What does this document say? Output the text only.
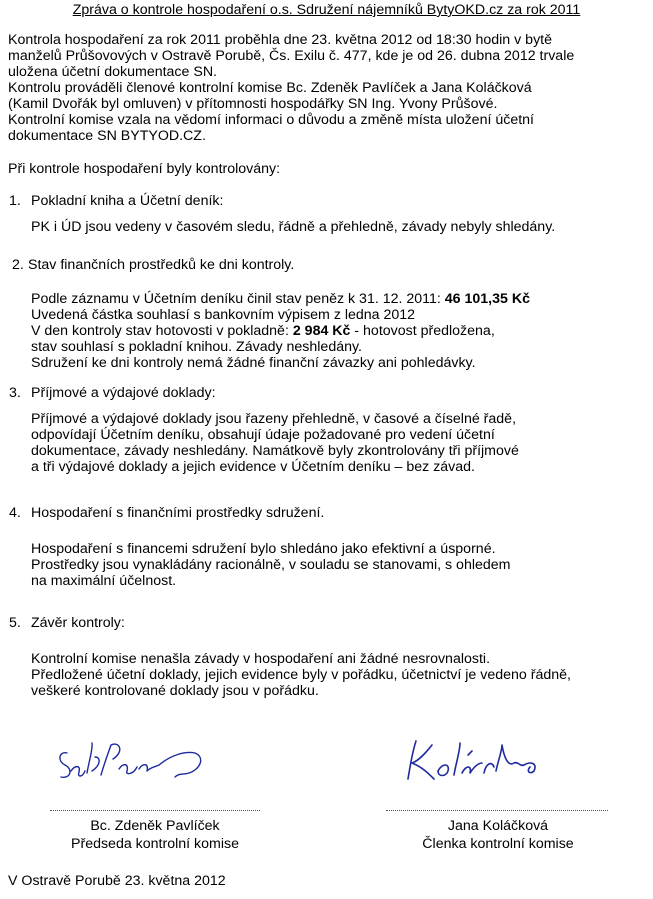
Zpráva o kontrole hospodaření o.s. Sdružení nájemníků BytyOKD.cz za rok 2011
Kontrola hospodaření za rok 2011 proběhla dne 23. května 2012 od 18:30 hodin v bytě
manželů Průšovových v Ostravě Porubě, Čs. Exilu č. 477, kde je od 26. dubna 2012 trvale
uložena účetní dokumentace SN.
Kontrolu prováděli členové kontrolní komise Bc. Zdeněk Pavlíček a Jana Koláčková
(Kamil Dvořák byl omluven) v přítomnosti hospodářky SN Ing. Yvony Průšové.
Kontrolní komise vzala na vědomí informaci o důvodu a změně místa uložení účetní
dokumentace SN BYTYOD.CZ.
Při kontrole hospodaření byly kontrolovány:
1. Pokladní kniha a Účetní deník:
PK i ÚD jsou vedeny v časovém sledu, řádně a přehledně, závady nebyly shledány.
2. Stav finančních prostředků ke dni kontroly.
Podle záznamu v Účetním deníku činil stav peněz k 31. 12. 2011: 46 101,35 Kč
Uvedená částka souhlasí s bankovním výpisem z ledna 2012
V den kontroly stav hotovosti v pokladně: 2 984 Kč - hotovost předložena,
stav souhlasí s pokladní knihou. Závady neshledány.
Sdružení ke dni kontroly nemá žádné finanční závazky ani pohledávky.
3. Příjmové a výdajové doklady:
Příjmové a výdajové doklady jsou řazeny přehledně, v časové a číselné řadě,
odpovídají Účetním deníku, obsahují údaje požadované pro vedení účetní
dokumentace, závady neshledány. Namátkově byly zkontrolovány tři příjmové
a tři výdajové doklady a jejich evidence v Účetním deníku – bez závad.
4. Hospodaření s finančními prostředky sdružení.
Hospodaření s financemi sdružení bylo shledáno jako efektivní a úsporné.
Prostředky jsou vynakládány racionálně, v souladu se stanovami, s ohledem
na maximální účelnost.
5. Závěr kontroly:
Kontrolní komise nenašla závady v hospodaření ani žádné nesrovnalosti.
Předložené účetní doklady, jejich evidence byly v pořádku, účetnictví je vedeno řádně,
veškeré kontrolované doklady jsou v pořádku.
Bc. Zdeněk Pavlíček
Předseda kontrolní komise
Jana Koláčková
Členka kontrolní komise
V Ostravě Porubě 23. května 2012
